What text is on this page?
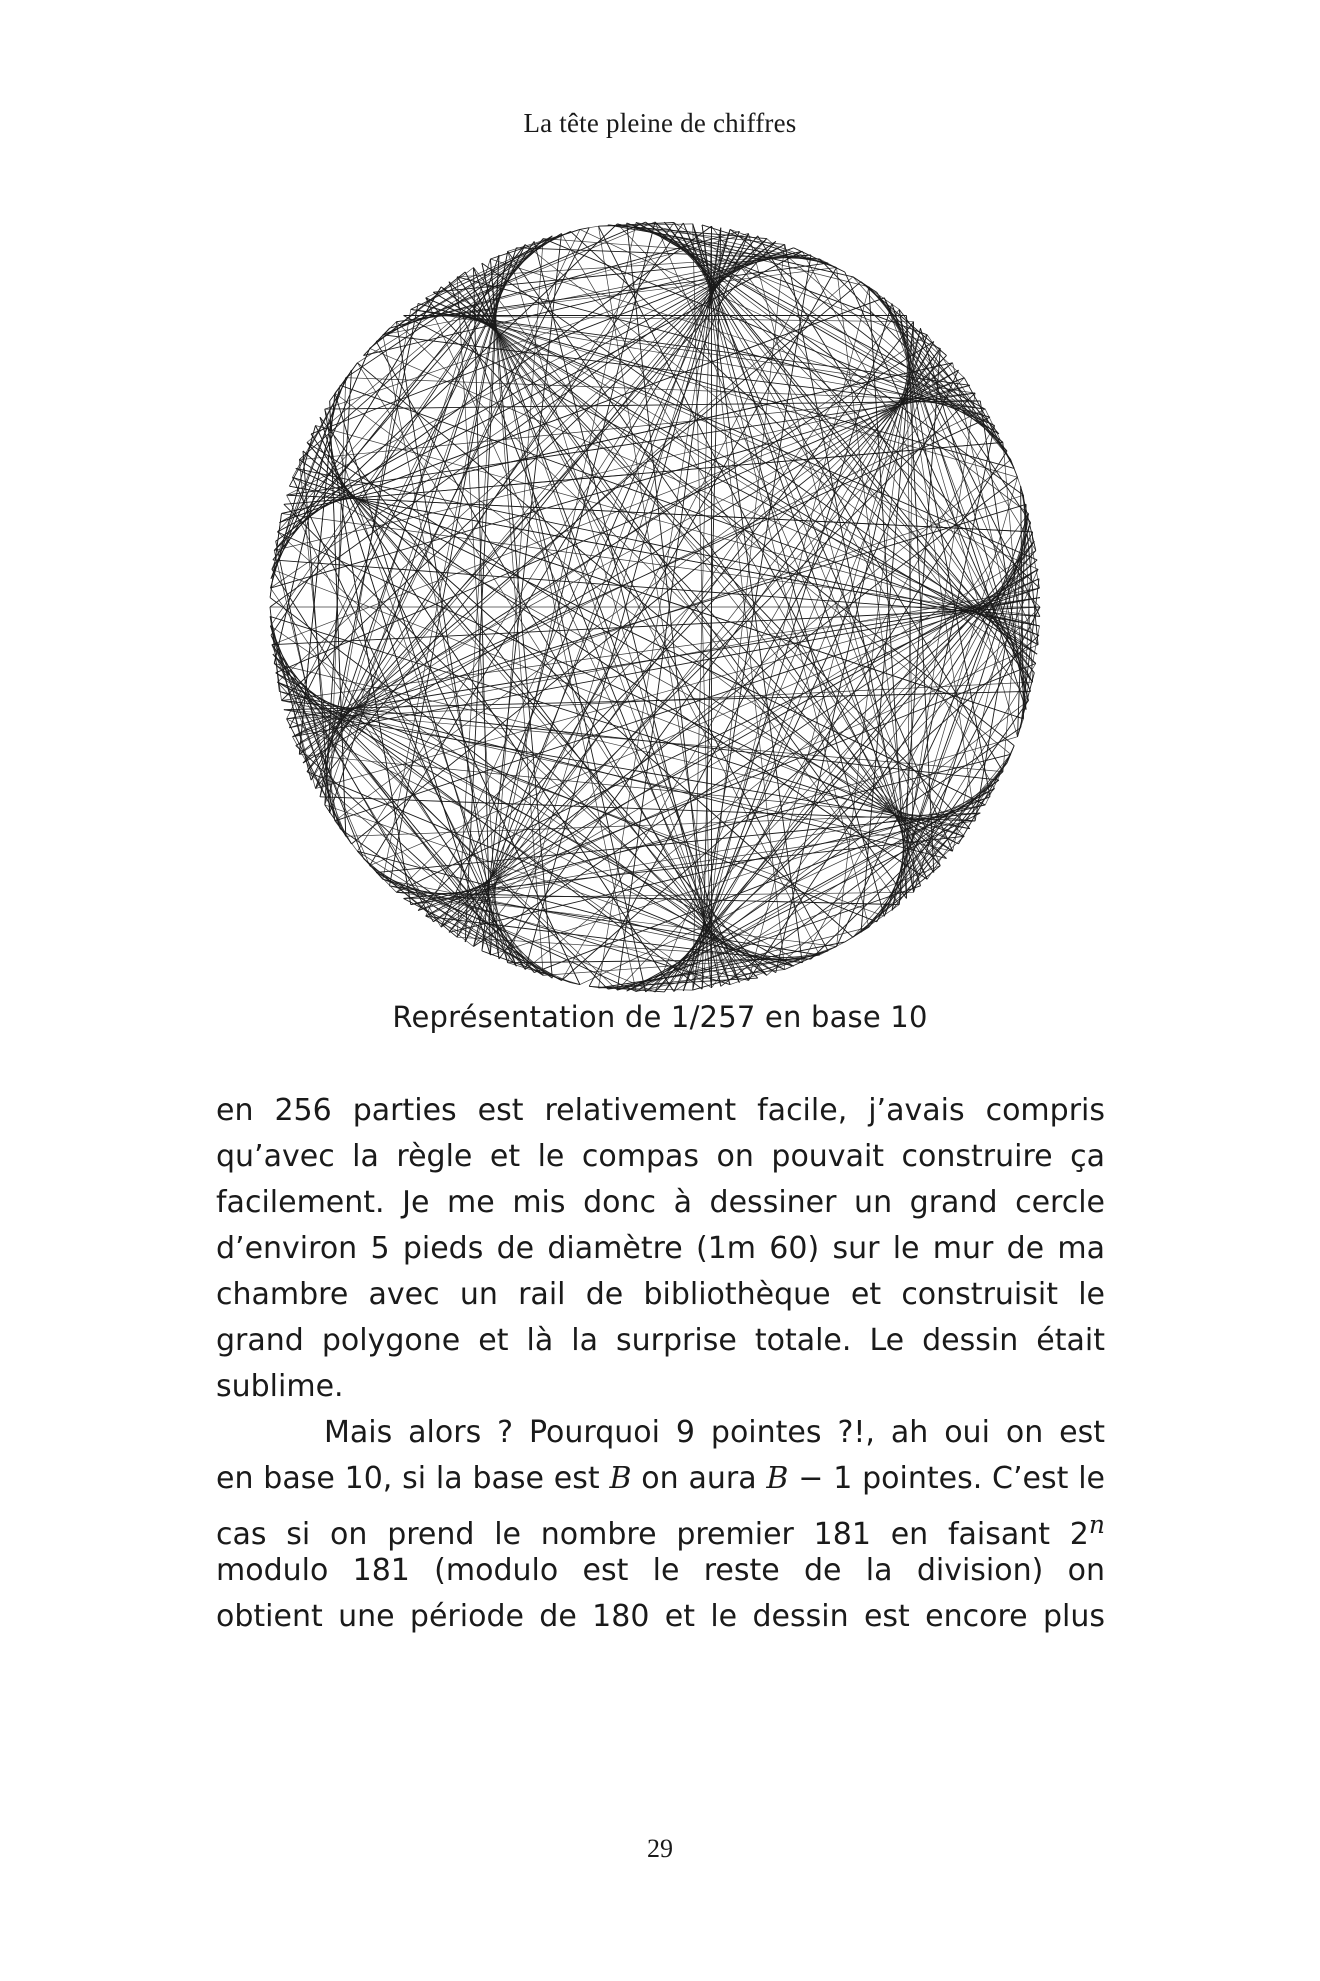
La tête pleine de chiffres
Représentation de 1/257 en base 10
en 256 parties est relativement facile, j’avais compris
qu’avec la règle et le compas on pouvait construire ça
facilement. Je me mis donc à dessiner un grand cercle
d’environ 5 pieds de diamètre (1m 60) sur le mur de ma
chambre avec un rail de bibliothèque et construisit le
grand polygone et là la surprise totale. Le dessin était
sublime.
Mais alors ? Pourquoi 9 pointes ?!, ah oui on est
en base 10, si la base est B on aura B − 1 pointes. C’est le
cas si on prend le nombre premier 181 en faisant 2$^n$
modulo 181 (modulo est le reste de la division) on
obtient une période de 180 et le dessin est encore plus
29
